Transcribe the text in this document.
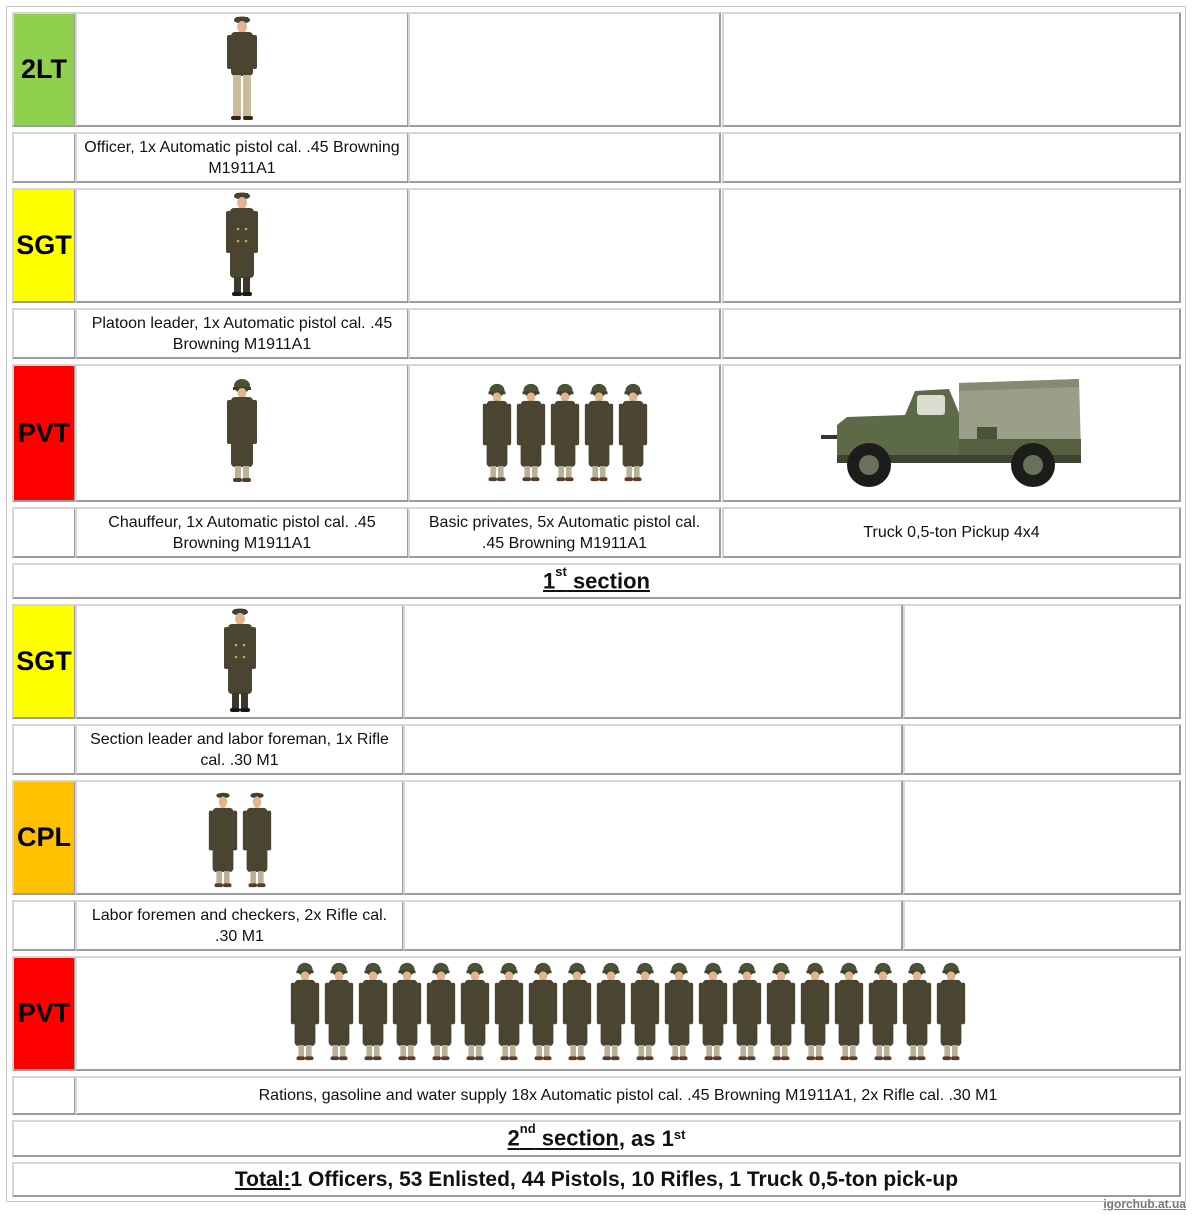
2LT
Officer, 1x Automatic pistol cal. .45 Browning M1911A1
SGT
Platoon leader, 1x Automatic pistol cal. .45 Browning M1911A1
PVT
Chauffeur, 1x Automatic pistol cal. .45 Browning M1911A1
Basic privates, 5x Automatic pistol cal. .45 Browning M1911A1
Truck 0,5-ton Pickup 4x4
1st section
SGT
Section leader and labor foreman, 1x Rifle cal. .30 M1
CPL
Labor foremen and checkers, 2x Rifle cal. .30 M1
PVT
Rations, gasoline and water supply 18x Automatic pistol cal. .45 Browning M1911A1, 2x Rifle cal. .30 M1
2nd section , as 1st
Total: 1 Officers, 53 Enlisted, 44 Pistols, 10 Rifles, 1 Truck 0,5-ton pick-up
igorchub.at.ua
